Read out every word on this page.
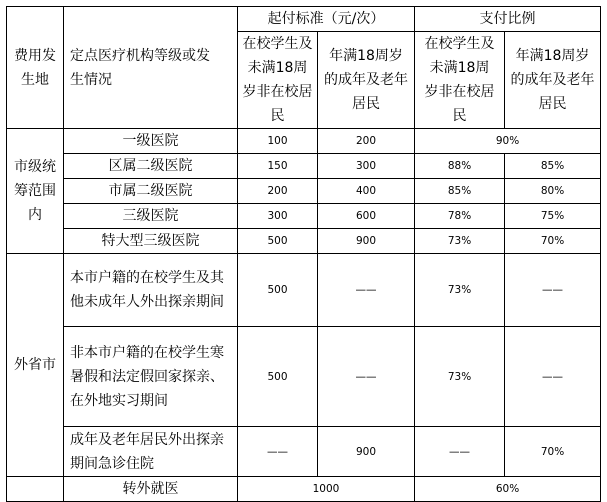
费用发生地	定点医疗机构等级或发生情况	起付标准（元/次）		支付比例	

		在校学生及未满18周岁非在校居民	年满18周岁的成年及老年居民	在校学生及未满18周岁非在校居民	年满18周岁的成年及老年居民

市级统筹范围内	一级医院	100	200	90%	
	区属二级医院	150	300	88%	85%
	市属二级医院	200	400	85%	80%
	三级医院	300	600	78%	75%
	特大型三级医院	500	900	73%	70%
外省市	本市户籍的在校学生及其他未成年人外出探亲期间	500	——	73%	——

	非本市户籍的在校学生寒暑假和法定假回家探亲、在外地实习期间	500	——	73%	——

	成年及老年居民外出探亲期间急诊住院	——	900	——	70%
	转外就医	1000		60%	
